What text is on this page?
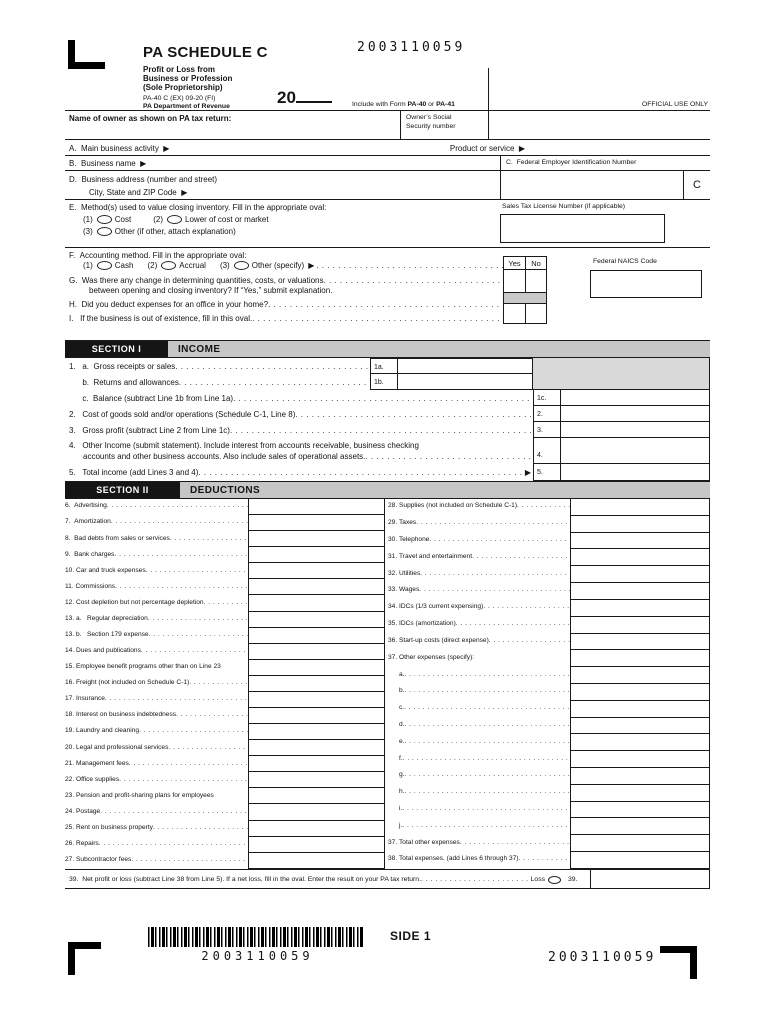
PA SCHEDULE C	2003110059
Profit or Loss from
Business or Profession
(Sole Proprietorship)
PA-40 C (EX) 09-20 (FI)
PA Department of Revenue	20	Include with Form PA-40 or PA-41	OFFICIAL USE ONLY
Name of owner as shown on PA tax return:	Owner’s Social
Security number
A.  Main business activity  ▶	Product or service  ▶
B.  Business name  ▶	C.  Federal Employer Identification Number
D.  Business address (number and street)
City, State and ZIP Code  ▶
C
E.  Method(s) used to value closing inventory. Fill in the appropriate oval:
(1)	Cost	(2)	Lower of cost or market
(3)	Other (if other, attach explanation)
Sales Tax License Number (if applicable)
F.  Accounting method. Fill in the appropriate oval:
(1)	Cash (2)	Accrual (3)	Other (specify) ▶
. . .
G.  Was there any change in determining quantities, costs, or valuations
. . .
between opening and closing inventory? If “Yes,” submit explanation.
H.  Did you deduct expenses for an office in your home?
. . .
I.   If the business is out of existence, fill in this oval.
. . .
Yes	No	Federal NAICS Code
SECTION I	INCOME
1.   a.  Gross receipts or sales . . .	1a.
b.  Returns and allowances . . .	1b.
c.  Balance (subtract Line 1b from Line 1a) . . .	1c.
2.   Cost of goods sold and/or operations (Schedule C-1, Line 8) . . .	2.
3.   Gross profit (subtract Line 2 from Line 1c) . . .	3.
4.   Other Income (submit statement). Include interest from accounts receivable, business checking
accounts and other business accounts. Also include sales of operational assets. . . .	4.
5.   Total income (add Lines 3 and 4) . . .	▶ 5.
SECTION II	DEDUCTIONS
6.  Advertising
. . .
7.  Amortization
. . .
8.  Bad debts from sales or services
. . .
9.  Bank charges
. . .
10. Car and truck expenses
. . .
11. Commissions
. . .
12. Cost depletion but not percentage depletion
. . .
13. a.   Regular depreciation
. . .
13. b.   Section 179 expense
. . .
14. Dues and publications
. . .
15. Employee benefit programs other than on Line 23
16. Freight (not included on Schedule C-1)
. . .
17. Insurance
. . .
18. Interest on business indebtedness
. . .
19. Laundry and cleaning
. . .
20. Legal and professional services
. . .
21. Management fees
. . .
22. Office supplies
. . .
23. Pension and profit-sharing plans for employees
24. Postage
. . .
25. Rent on business property
. . .
26. Repairs
. . .
27. Subcontractor fees
. . .
28. Supplies (not included on Schedule C-1)
. . .
29. Taxes
. . .
30. Telephone
. . .
31. Travel and entertainment
. . .
32. Utilities
. . .
33. Wages
. . .
34. IDCs (1/3 current expensing)
. . .
35. IDCs (amortization)
. . .
36. Start-up costs (direct expense)
. . .
37. Other expenses (specify):
a.
. . .
b.
. . .
c.
. . .
d.
. . .
e.
. . .
f.
. . .
g.
. . .
h.
. . .
i.
. . .
j.
. . .
37. Total other expenses
. . .
38. Total expenses. (add Lines 6 through 37)
. . .
39.  Net profit or loss (subtract Line 38 from Line 5). If a net loss, fill in the oval. Enter the result on your PA tax return. . . .	Loss	39.
2003110059
SIDE 1
2003110059
